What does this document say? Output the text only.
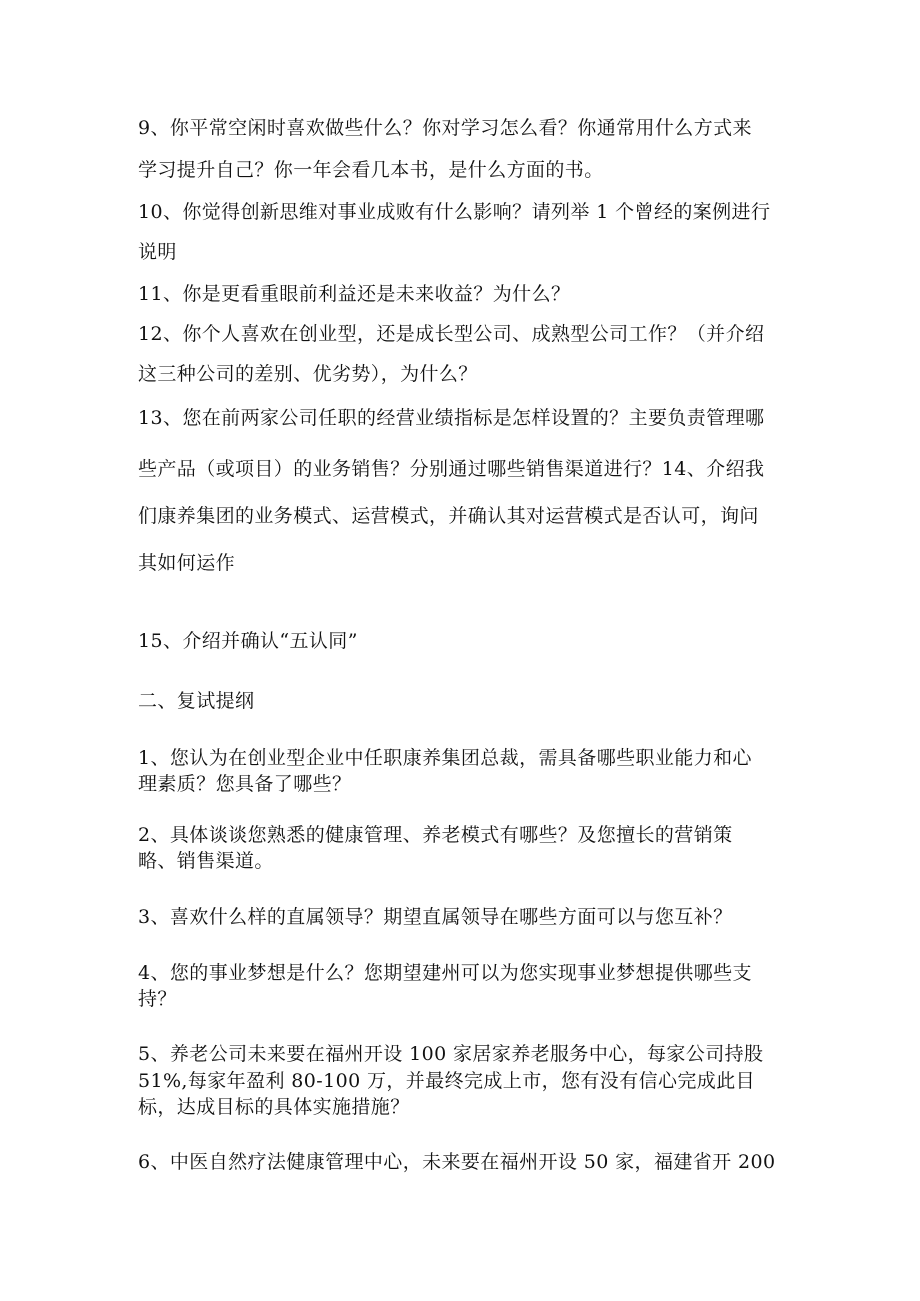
9、你平常空闲时喜欢做些什么？你对学习怎么看？你通常用什么方式来
学习提升自己？你一年会看几本书，是什么方面的书。
10、你觉得创新思维对事业成败有什么影响？请列举 1 个曾经的案例进行
说明
11、你是更看重眼前利益还是未来收益？为什么？
12、你个人喜欢在创业型，还是成长型公司、成熟型公司工作？（并介绍
这三种公司的差别、优劣势），为什么？
13、您在前两家公司任职的经营业绩指标是怎样设置的？主要负责管理哪
些产品（或项目）的业务销售？分别通过哪些销售渠道进行？14、介绍我
们康养集团的业务模式、运营模式，并确认其对运营模式是否认可，询问
其如何运作
15、介绍并确认“五认同”
二、复试提纲
1、您认为在创业型企业中任职康养集团总裁，需具备哪些职业能力和心
理素质？您具备了哪些？
2、具体谈谈您熟悉的健康管理、养老模式有哪些？及您擅长的营销策
略、销售渠道。
3、喜欢什么样的直属领导？期望直属领导在哪些方面可以与您互补？
4、您的事业梦想是什么？您期望建州可以为您实现事业梦想提供哪些支
持？
5、养老公司未来要在福州开设 100 家居家养老服务中心，每家公司持股
51%,每家年盈利 80-100 万，并最终完成上市，您有没有信心完成此目
标，达成目标的具体实施措施？
6、中医自然疗法健康管理中心，未来要在福州开设 50 家，福建省开 200
